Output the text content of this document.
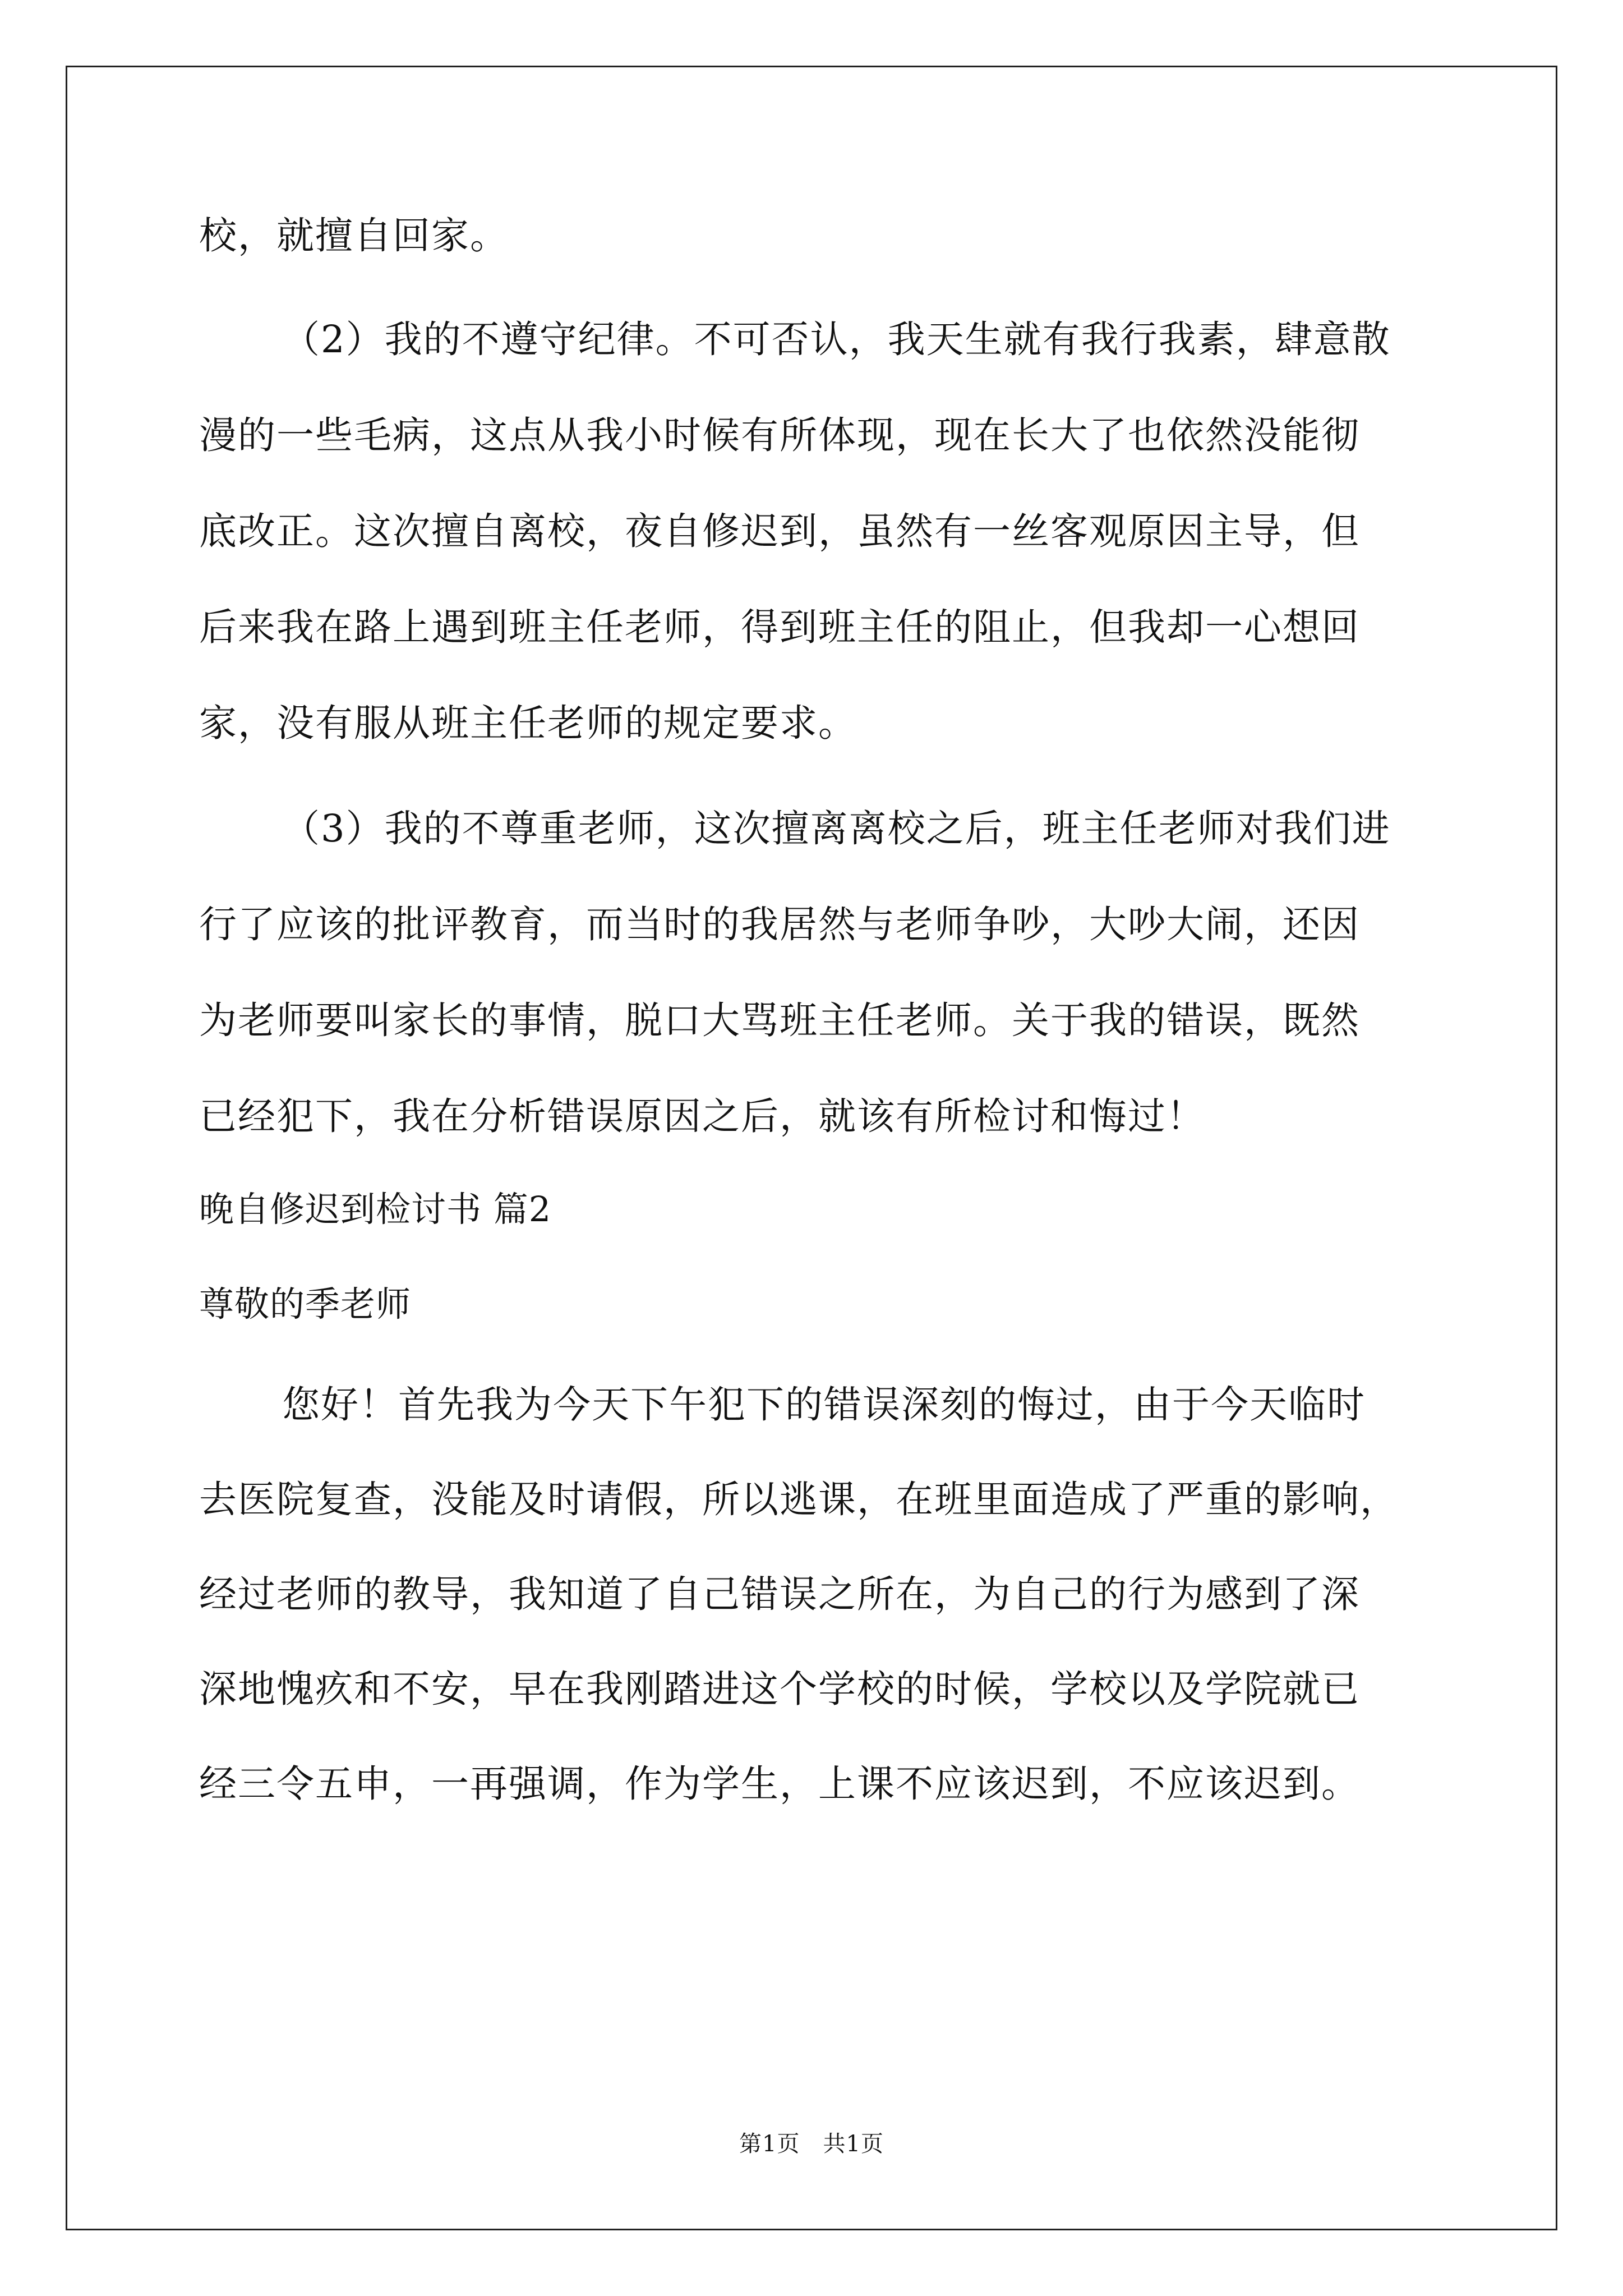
校，就擅自回家。
（2）我的不遵守纪律。不可否认，我天生就有我行我素，肆意散
漫的一些毛病，这点从我小时候有所体现，现在长大了也依然没能彻
底改正。这次擅自离校，夜自修迟到，虽然有一丝客观原因主导，但
后来我在路上遇到班主任老师，得到班主任的阻止，但我却一心想回
家，没有服从班主任老师的规定要求。
（3）我的不尊重老师，这次擅离离校之后，班主任老师对我们进
行了应该的批评教育，而当时的我居然与老师争吵，大吵大闹，还因
为老师要叫家长的事情，脱口大骂班主任老师。关于我的错误，既然
已经犯下，我在分析错误原因之后，就该有所检讨和悔过！
晚自修迟到检讨书 篇2
尊敬的季老师
您好！首先我为今天下午犯下的错误深刻的悔过，由于今天临时
去医院复查，没能及时请假，所以逃课，在班里面造成了严重的影响，
经过老师的教导，我知道了自己错误之所在，为自己的行为感到了深
深地愧疚和不安，早在我刚踏进这个学校的时候，学校以及学院就已
经三令五申，一再强调，作为学生，上课不应该迟到，不应该迟到。
第1页　共1页
